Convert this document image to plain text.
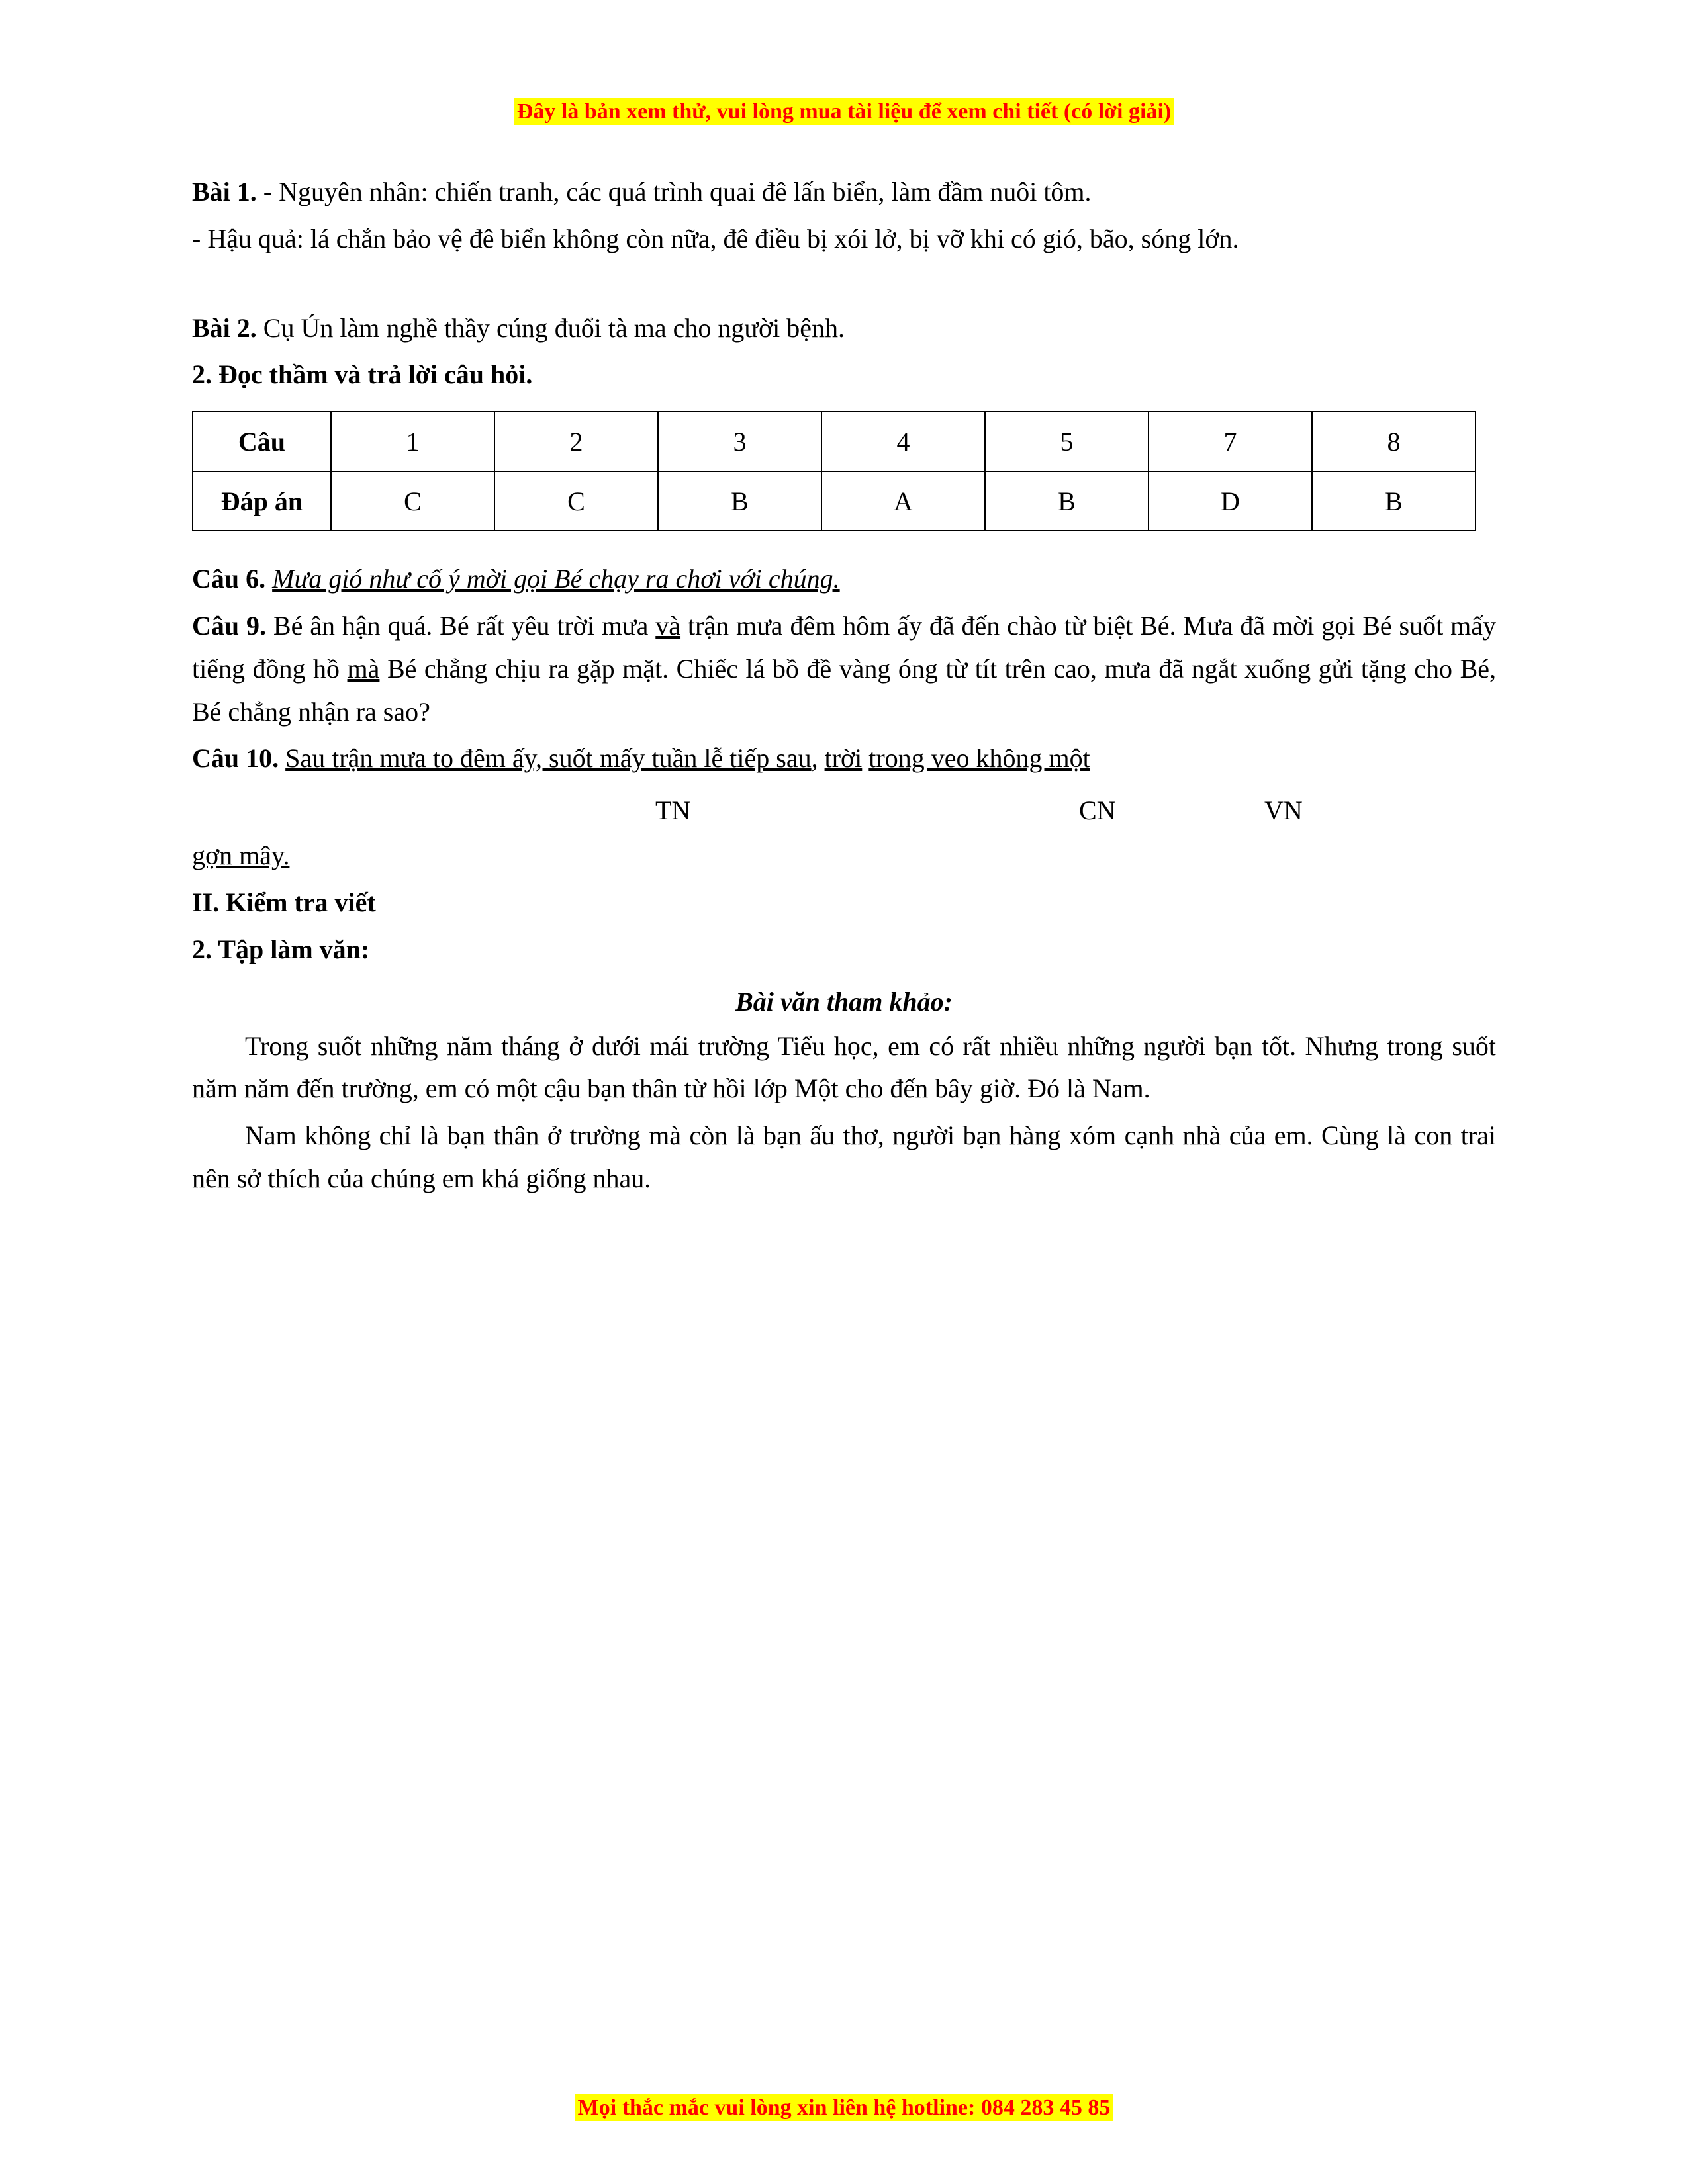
Đây là bản xem thử, vui lòng mua tài liệu để xem chi tiết (có lời giải)

Bài 1. - Nguyên nhân: chiến tranh, các quá trình quai đê lấn biển, làm đầm nuôi tôm.

- Hậu quả: lá chắn bảo vệ đê biển không còn nữa, đê điều bị xói lở, bị vỡ khi có gió, bão, sóng lớn.

Bài 2. Cụ Ún làm nghề thầy cúng đuổi tà ma cho người bệnh.

2. Đọc thầm và trả lời câu hỏi.

Câu	1	2	3	4	5	7	8
Đáp án	C	C	B	A	B	D	B

Câu 6. Mưa gió như cố ý mời gọi Bé chạy ra chơi với chúng.

Câu 9. Bé ân hận quá. Bé rất yêu trời mưa và trận mưa đêm hôm ấy đã đến chào từ biệt Bé. Mưa đã mời gọi Bé suốt mấy tiếng đồng hồ mà Bé chẳng chịu ra gặp mặt. Chiếc lá bồ đề vàng óng từ tít trên cao, mưa đã ngắt xuống gửi tặng cho Bé, Bé chẳng nhận ra sao?

Câu 10. Sau trận mưa to đêm ấy, suốt mấy tuần lễ tiếp sau, trời trong veo không một

TN	CN	VN

gợn mây.

II. Kiểm tra viết

2. Tập làm văn:

Bài văn tham khảo:

Trong suốt những năm tháng ở dưới mái trường Tiểu học, em có rất nhiều những người bạn tốt. Nhưng trong suốt năm năm đến trường, em có một cậu bạn thân từ hồi lớp Một cho đến bây giờ. Đó là Nam.

Nam không chỉ là bạn thân ở trường mà còn là bạn ấu thơ, người bạn hàng xóm cạnh nhà của em. Cùng là con trai nên sở thích của chúng em khá giống nhau.

Mọi thắc mắc vui lòng xin liên hệ hotline: 084 283 45 85
